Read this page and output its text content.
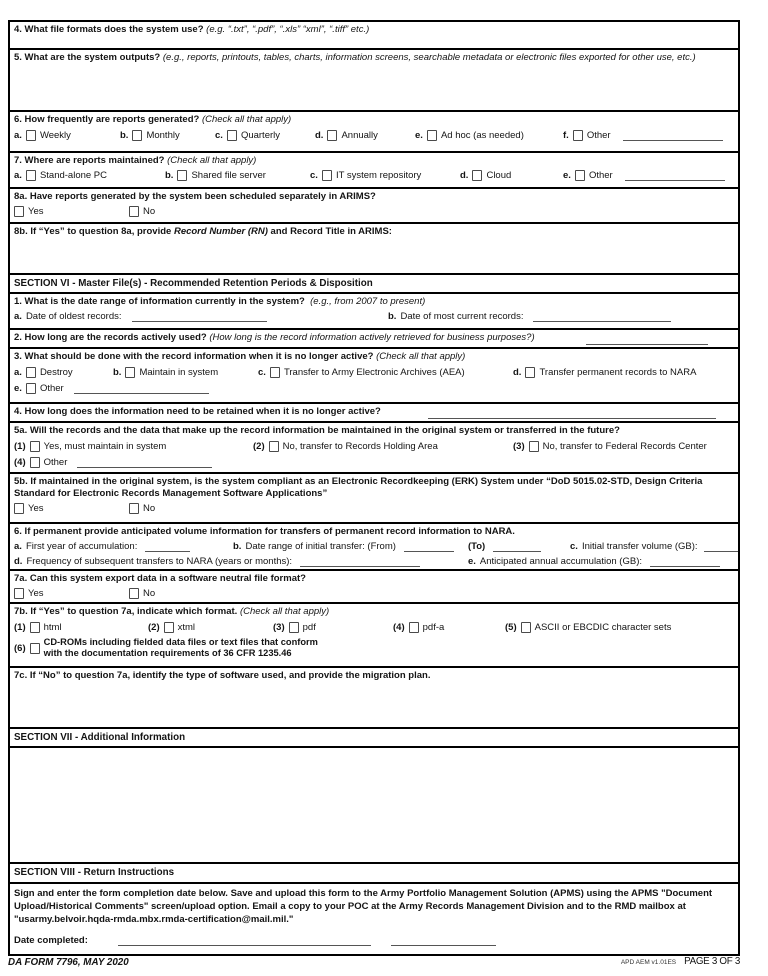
4. What file formats does the system use? (e.g. “.txt”, “.pdf”, “.xls” “xml”, “.tiff” etc.)
5. What are the system outputs? (e.g., reports, printouts, tables, charts, information screens, searchable metadata or electronic files exported for other use, etc.)
6. How frequently are reports generated? (Check all that apply)
a. Weekly	b. Monthly	c. Quarterly	d. Annually	e. Ad hoc (as needed)	f. Other
7. Where are reports maintained? (Check all that apply)
a. Stand-alone PC	b. Shared file server	c. IT system repository	d. Cloud	e. Other
8a. Have reports generated by the system been scheduled separately in ARIMS?
Yes	No
8b. If “Yes” to question 8a, provide Record Number (RN) and Record Title in ARIMS:
SECTION VI - Master File(s) - Recommended Retention Periods & Disposition
1. What is the date range of information currently in the system? (e.g., from 2007 to present)
a. Date of oldest records:	b. Date of most current records:
2. How long are the records actively used? (How long is the record information actively retrieved for business purposes?)
3. What should be done with the record information when it is no longer active? (Check all that apply)
a. Destroy	b. Maintain in system	c. Transfer to Army Electronic Archives (AEA)	d. Transfer permanent records to NARA
e. Other
4. How long does the information need to be retained when it is no longer active?
5a. Will the records and the data that make up the record information be maintained in the original system or transferred in the future?
(1) Yes, must maintain in system	(2) No, transfer to Records Holding Area	(3) No, transfer to Federal Records Center
(4) Other
5b. If maintained in the original system, is the system compliant as an Electronic Recordkeeping (ERK) System under “DoD 5015.02-STD, Design Criteria Standard for Electronic Records Management Software Applications”
Yes	No
6. If permanent provide anticipated volume information for transfers of permanent record information to NARA.
a. First year of accumulation:	b. Date range of initial transfer: (From)	(To)	c. Initial transfer volume (GB):
d. Frequency of subsequent transfers to NARA (years or months):	e. Anticipated annual accumulation (GB):
7a. Can this system export data in a software neutral file format?
Yes	No
7b. If “Yes” to question 7a, indicate which format. (Check all that apply)
(1) html	(2) xtml	(3) pdf	(4) pdf-a	(5) ASCII or EBCDIC character sets
(6)
CD-ROMs including fielded data files or text files that conform
with the documentation requirements of 36 CFR 1235.46
7c. If “No” to question 7a, identify the type of software used, and provide the migration plan.
SECTION VII - Additional Information
SECTION VIII - Return Instructions
Sign and enter the form completion date below. Save and upload this form to the Army Portfolio Management Solution (APMS) using the APMS "Document Upload/Historical Comments" screen/upload option. Email a copy to your POC at the Army Records Management Division and to the RMD mailbox at "usarmy.belvoir.hqda-rmda.mbx.rmda-certification@mail.mil."
Date completed:
DA FORM 7796, MAY 2020	APD AEM v1.01ES PAGE 3 OF 3
